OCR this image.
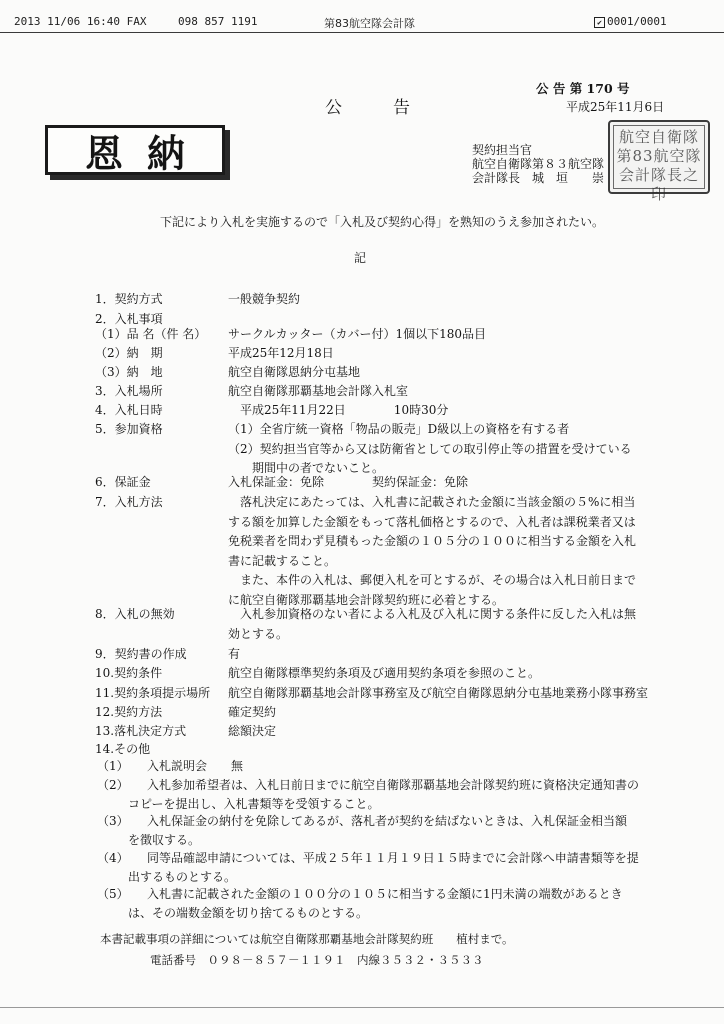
2013 11/06 16:40 FAX	098 857 1191	第83航空隊会計隊	✔ 0001/0001
公 告 第 170 号
公　　　告	平成25年11月6日
恩納	契約担当官
航空自衛隊第８３航空隊
会計隊長　城　垣　　崇
航空自衛隊第83航空隊会計隊長之印
下記により入札を実施するので「入札及び契約心得」を熟知のうえ参加されたい。
記
1．契約方式	一般競争契約
2．入札事項
（1）品 名（件 名） サークルカッター（カバー付）1個以下180品目
（2）納　期	平成25年12月18日
（3）納　地	航空自衛隊恩納分屯基地
3．入札場所	航空自衛隊那覇基地会計隊入札室
4．入札日時	　平成25年11月22日　　　　10時30分
5．参加資格	（1）全省庁統一資格「物品の販売」D級以上の資格を有する者
（2）契約担当官等から又は防衛省としての取引停止等の措置を受けている
　　期間中の者でないこと。
6．保証金	入札保証金：免除　　　　契約保証金：免除
7．入札方法	　落札決定にあたっては、入札書に記載された金額に当該金額の５%に相当
する額を加算した金額をもって落札価格とするので、入札者は課税業者又は
免税業者を問わず見積もった金額の１０５分の１００に相当する金額を入札
書に記載すること。
　また、本件の入札は、郵便入札を可とするが、その場合は入札日前日まで
に航空自衛隊那覇基地会計隊契約班に必着とする。
8．入札の無効	　入札参加資格のない者による入札及び入札に関する条件に反した入札は無
効とする。
9．契約書の作成	有
10.契約条件	航空自衛隊標準契約条項及び適用契約条項を参照のこと。
11.契約条項提示場所 航空自衛隊那覇基地会計隊事務室及び航空自衛隊恩納分屯基地業務小隊事務室
12.契約方法	確定契約
13.落札決定方式	総額決定
14.その他
（1） 入札説明会　　無
（2） 入札参加希望者は、入札日前日までに航空自衛隊那覇基地会計隊契約班に資格決定通知書の
コピーを提出し、入札書類等を受領すること。
（3） 入札保証金の納付を免除してあるが、落札者が契約を結ばないときは、入札保証金相当額
を徴収する。
（4） 同等品確認申請については、平成２５年１１月１９日１５時までに会計隊へ申請書類等を提
出するものとする。
（5） 入札書に記載された金額の１００分の１０５に相当する金額に1円未満の端数があるとき
は、その端数金額を切り捨てるものとする。
本書記載事項の詳細については航空自衛隊那覇基地会計隊契約班　　植村まで。
電話番号　０９８－８５７－１１９１　内線３５３２・３５３３
